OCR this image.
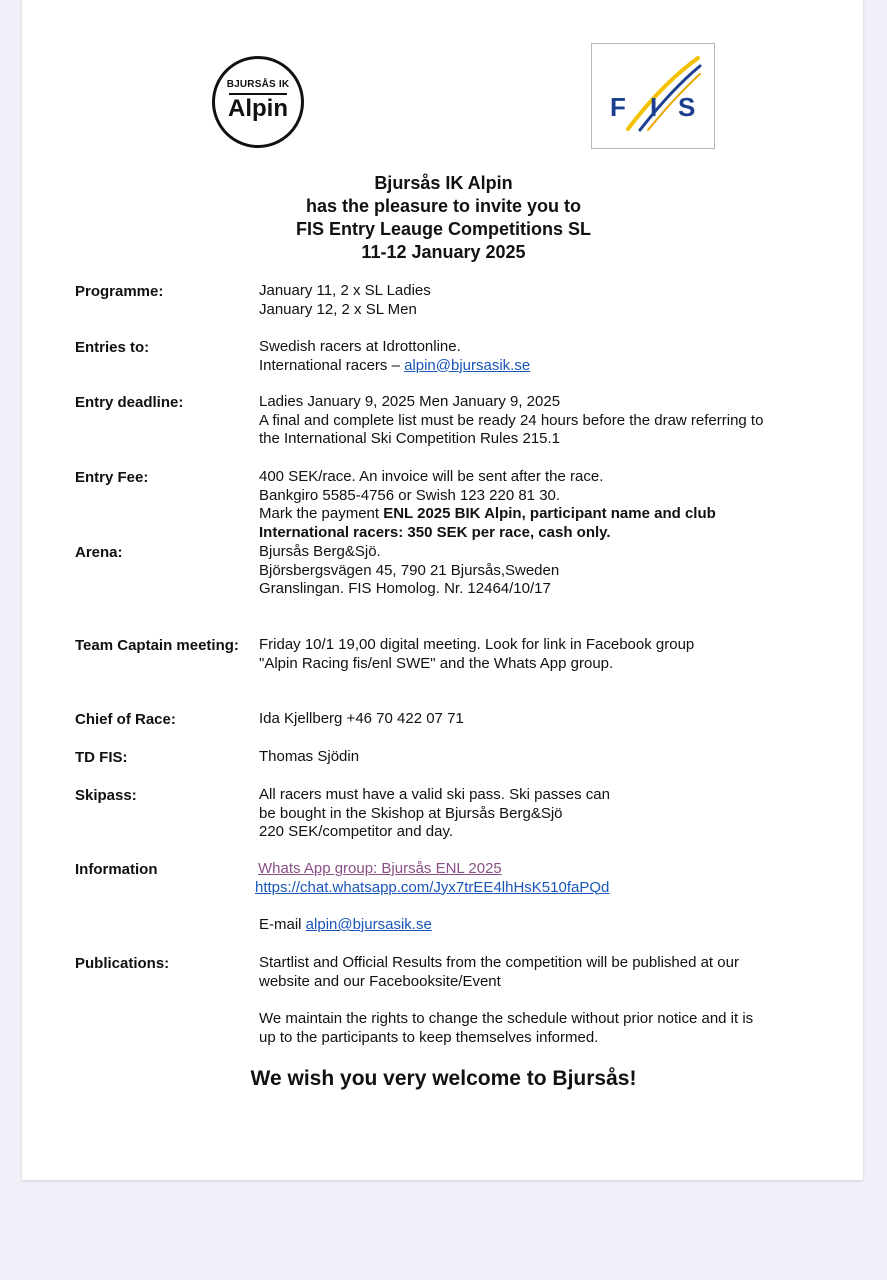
BJURSÅS IK
Alpin	F I S
Bjursås IK Alpin
has the pleasure to invite you to
FIS Entry Leauge Competitions SL
11-12 January 2025
Programme:	January 11, 2 x SL Ladies
January 12, 2 x SL Men
Entries to:	Swedish racers at Idrottonline.
International racers – alpin@bjursasik.se
Entry deadline:	Ladies January 9, 2025 Men January 9, 2025
A final and complete list must be ready 24 hours before the draw referring to
the International Ski Competition Rules 215.1
Entry Fee:	400 SEK/race. An invoice will be sent after the race.
Bankgiro 5585-4756 or Swish 123 220 81 30.
Mark the payment ENL 2025 BIK Alpin, participant name and club
International racers: 350 SEK per race, cash only.
Arena:	Bjursås Berg&Sjö.
Björsbergsvägen 45, 790 21 Bjursås,Sweden
Granslingan. FIS Homolog. Nr. 12464/10/17
Team Captain meeting: Friday 10/1 19,00 digital meeting. Look for link in Facebook group
"Alpin Racing fis/enl SWE" and the Whats App group.
Chief of Race:	Ida Kjellberg +46 70 422 07 71
TD FIS:	Thomas Sjödin
Skipass:	All racers must have a valid ski pass. Ski passes can
be bought in the Skishop at Bjursås Berg&Sjö
220 SEK/competitor and day.
Information	Whats App group: Bjursås ENL 2025
https://chat.whatsapp.com/Jyx7trEE4lhHsK510faPQd
E-mail alpin@bjursasik.se
Publications:	Startlist and Official Results from the competition will be published at our
website and our Facebooksite/Event
We maintain the rights to change the schedule without prior notice and it is
up to the participants to keep themselves informed.
We wish you very welcome to Bjursås!
